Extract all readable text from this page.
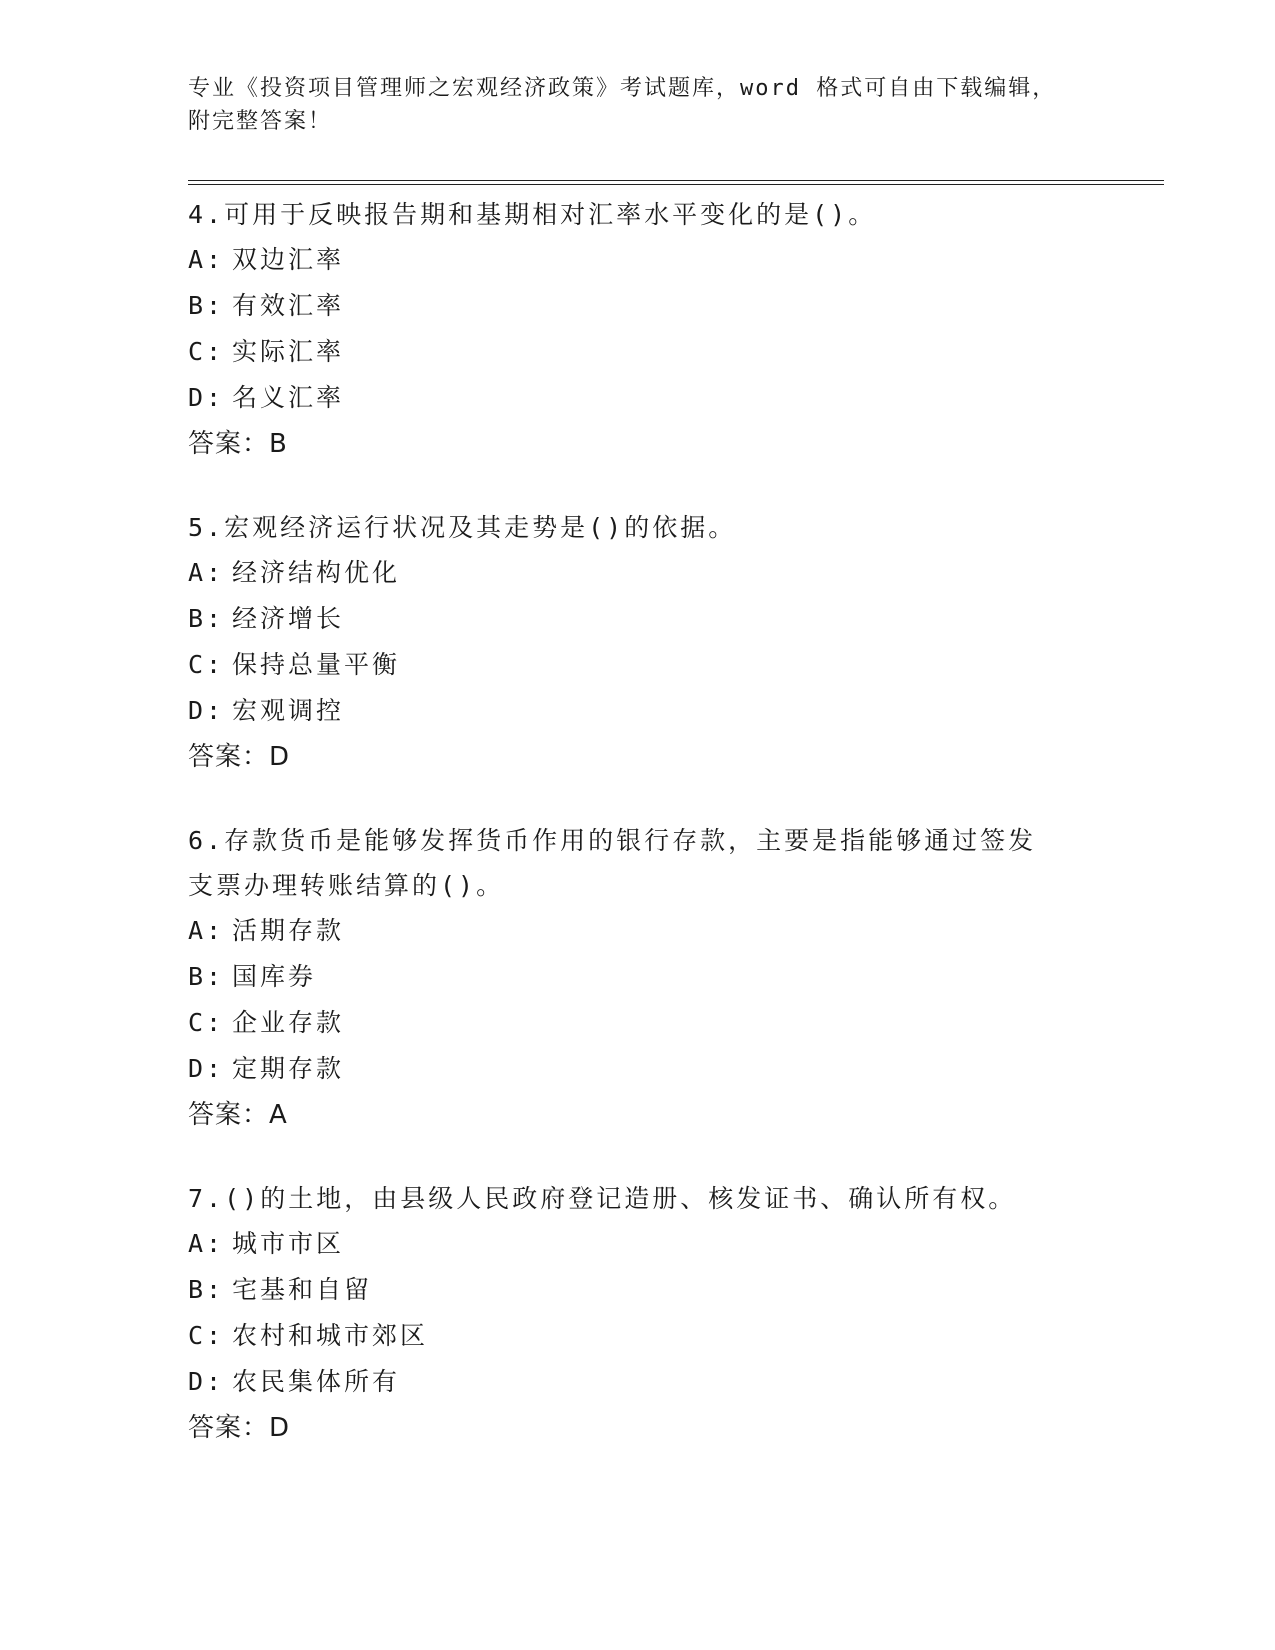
专业《投资项目管理师之宏观经济政策》考试题库，word 格式可自由下载编辑，
附完整答案！
4.可用于反映报告期和基期相对汇率水平变化的是()。
A: 双边汇率
B: 有效汇率
C: 实际汇率
D: 名义汇率
答案：B
5.宏观经济运行状况及其走势是()的依据。
A: 经济结构优化
B: 经济增长
C: 保持总量平衡
D: 宏观调控
答案：D
6.存款货币是能够发挥货币作用的银行存款，主要是指能够通过签发
支票办理转账结算的()。
A: 活期存款
B: 国库券
C: 企业存款
D: 定期存款
答案：A
7.()的土地，由县级人民政府登记造册、核发证书、确认所有权。
A: 城市市区
B: 宅基和自留
C: 农村和城市郊区
D: 农民集体所有
答案：D
